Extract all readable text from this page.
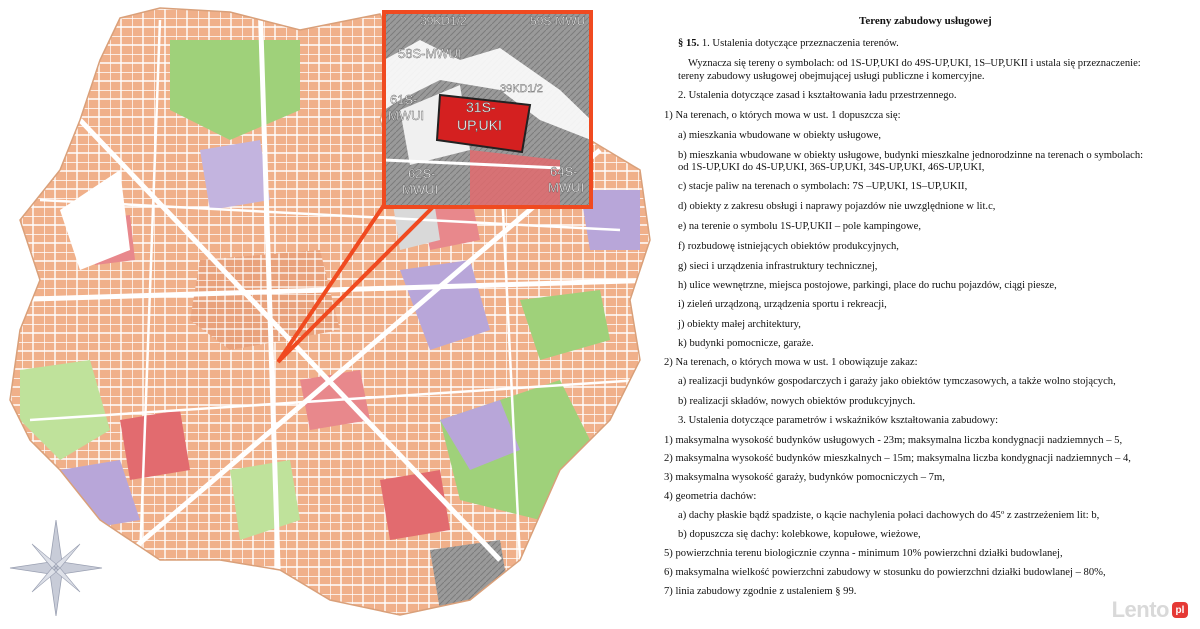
39KD1/2	59S-MWU
58S-MWUI
39KD1/2
61S-
MWUI
31S-
UP,UKI
62S-
MWUI
64S-
MWUI
Tereny zabudowy usługowej
§ 15. 1. Ustalenia dotyczące przeznaczenia terenów.
Wyznacza się tereny o symbolach: od 1S-UP,UKI do 49S-UP,UKI, 1S–UP,UKII i ustala się przeznaczenie:
tereny zabudowy usługowej obejmującej usługi publiczne i komercyjne.
2. Ustalenia dotyczące zasad i kształtowania ładu przestrzennego.
1) Na terenach, o których mowa w ust. 1 dopuszcza się:
a) mieszkania wbudowane w obiekty usługowe,
b) mieszkania wbudowane w obiekty usługowe, budynki mieszkalne jednorodzinne na terenach o symbolach:
od 1S-UP,UKI do 4S-UP,UKI, 36S-UP,UKI, 34S-UP,UKI, 46S-UP,UKI,
c) stacje paliw na terenach o symbolach: 7S –UP,UKI, 1S–UP,UKII,
d) obiekty z zakresu obsługi i naprawy pojazdów nie uwzględnione w lit.c,
e) na terenie o symbolu 1S-UP,UKII – pole kampingowe,
f) rozbudowę istniejących obiektów produkcyjnych,
g) sieci i urządzenia infrastruktury technicznej,
h) ulice wewnętrzne, miejsca postojowe, parkingi, place do ruchu pojazdów, ciągi piesze,
i) zieleń urządzoną, urządzenia sportu i rekreacji,
j) obiekty małej architektury,
k) budynki pomocnicze, garaże.
2) Na terenach, o których mowa w ust. 1 obowiązuje zakaz:
a) realizacji budynków gospodarczych i garaży jako obiektów tymczasowych, a także wolno stojących,
b) realizacji składów, nowych obiektów produkcyjnych.
3. Ustalenia dotyczące parametrów i wskaźników kształtowania zabudowy:
1) maksymalna wysokość budynków usługowych - 23m; maksymalna liczba kondygnacji nadziemnych – 5,
2) maksymalna wysokość budynków mieszkalnych – 15m; maksymalna liczba kondygnacji nadziemnych – 4,
3) maksymalna wysokość garaży, budynków pomocniczych – 7m,
4) geometria dachów:
a) dachy płaskie bądź spadziste, o kącie nachylenia połaci dachowych do 45º z zastrzeżeniem lit: b,
b) dopuszcza się dachy: kolebkowe, kopułowe, wieżowe,
5) powierzchnia terenu biologicznie czynna - minimum 10% powierzchni działki budowlanej,
6) maksymalna wielkość powierzchni zabudowy w stosunku do powierzchni działki budowlanej – 80%,
7) linia zabudowy zgodnie z ustaleniem § 99.
Lento pl
